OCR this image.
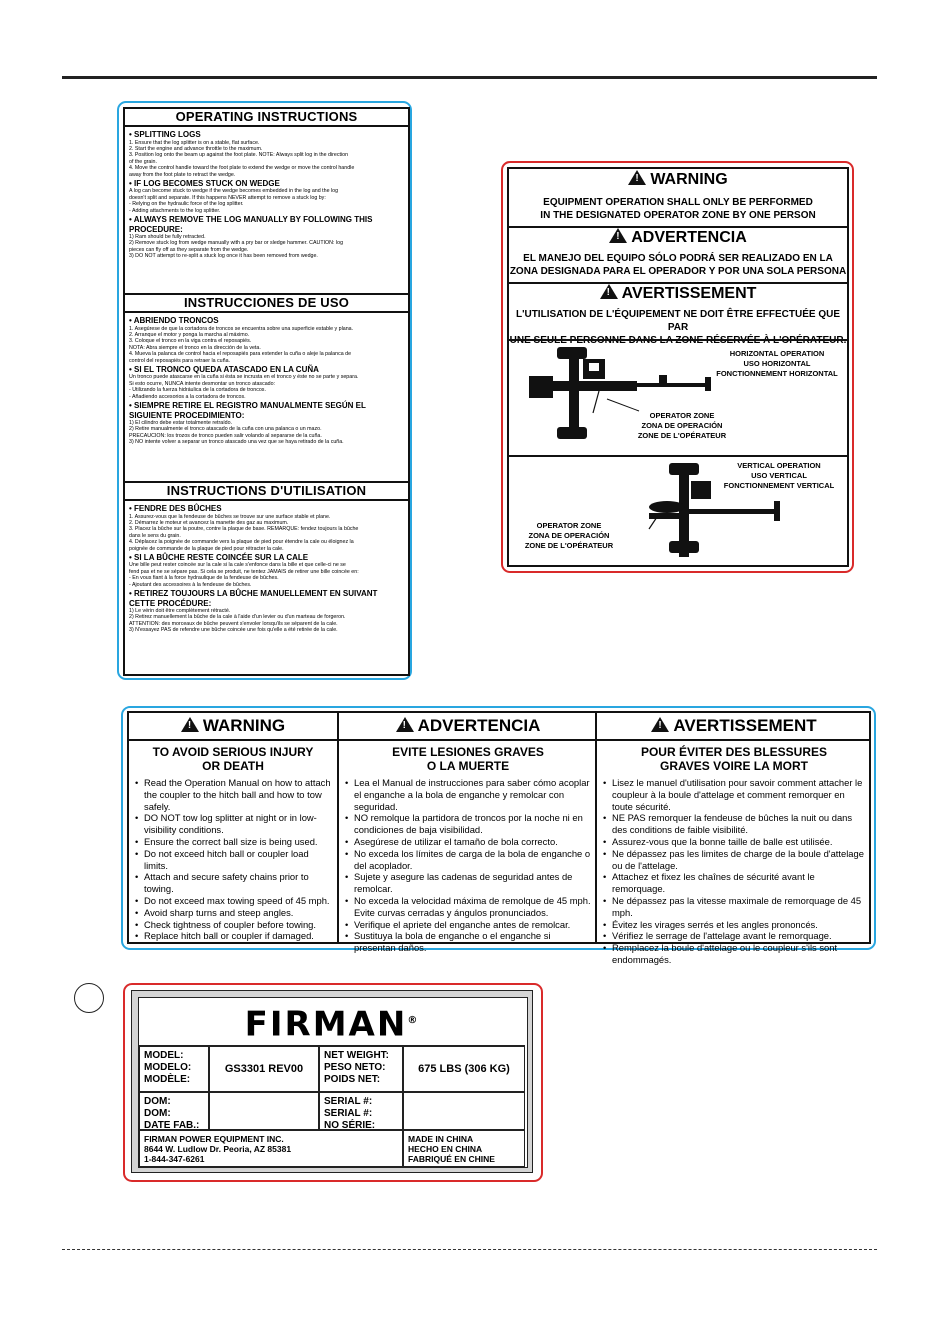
OPERATING INSTRUCTIONS
• SPLITTING LOGS
1. Ensure that the log splitter is on a stable, flat surface.
2. Start the engine and advance throttle to the maximum.
3. Position log onto the beam up against the foot plate. NOTE: Always split log in the direction
of the grain.
4. Move the control handle toward the foot plate to extend the wedge or move the control handle
away from the foot plate to retract the wedge.
• IF LOG BECOMES STUCK ON WEDGE
A log can become stuck to wedge if the wedge becomes embedded in the log and the log
doesn't split and separate. If this happens NEVER attempt to remove a stuck log by:
- Relying on the hydraulic force of the log splitter.
- Adding attachments to the log splitter.
• ALWAYS REMOVE THE LOG MANUALLY BY FOLLOWING THIS PROCEDURE:
1) Ram should be fully retracted.
2) Remove stuck log from wedge manually with a pry bar or sledge hammer. CAUTION: log
pieces can fly off as they separate from the wedge.
3) DO NOT attempt to re-split a stuck log once it has been removed from wedge.
INSTRUCCIONES DE USO
• ABRIENDO TRONCOS
1. Asegúrese de que la cortadora de troncos se encuentra sobre una superficie estable y plana.
2. Arranque el motor y ponga la marcha al máximo.
3. Coloque el tronco en la viga contra el reposapiés.
NOTA: Abra siempre el tronco en la dirección de la veta.
4. Mueva la palanca de control hacia el reposapiés para extender la cuña o aleje la palanca de
control del reposapiés para retraer la cuña.
• SI EL TRONCO QUEDA ATASCADO EN LA CUÑA
Un tronco puede atascarse en la cuña si ésta se incrusta en el tronco y éste no se parte y separa.
Si esto ocurre, NUNCA intente desmontar un tronco atascado:
- Utilizando la fuerza hidráulica de la cortadora de troncos.
- Añadiendo accesorios a la cortadora de troncos.
• SIEMPRE RETIRE EL REGISTRO MANUALMENTE SEGÚN EL SIGUIENTE PROCEDIMIENTO:
1) El cilindro debe estar totalmente retraído.
2) Retire manualmente el tronco atascado de la cuña con una palanca o un mazo.
PRECAUCIÓN: los trozos de tronco pueden salir volando al separarse de la cuña.
3) NO intente volver a separar un tronco atascado una vez que se haya retirado de la cuña.
INSTRUCTIONS D'UTILISATION
• FENDRE DES BÛCHES
1. Assurez-vous que la fendeuse de bûches se trouve sur une surface stable et plane.
2. Démarrez le moteur et avancez la manette des gaz au maximum.
3. Placez la bûche sur la poutre, contre la plaque de base. REMARQUE: fendez toujours la bûche
dans le sens du grain.
4. Déplacez la poignée de commande vers la plaque de pied pour étendre la cale ou éloignez la
poignée de commande de la plaque de pied pour rétracter la cale.
• SI LA BÛCHE RESTE COINCÉE SUR LA CALE
Une bille peut rester coincée sur la cale si la cale s'enfonce dans la bille et que celle-ci ne se
fend pas et ne se sépare pas. Si cela se produit, ne tentez JAMAIS de retirer une bille coincée en:
- En vous fiant à la force hydraulique de la fendeuse de bûches.
- Ajoutant des accessoires à la fendeuse de bûches.
• RETIREZ TOUJOURS LA BÛCHE MANUELLEMENT EN SUIVANT CETTE PROCÉDURE:
1) Le vérin doit être complètement rétracté.
2) Retirez manuellement la bûche de la cale à l'aide d'un levier ou d'un marteau de forgeron.
ATTENTION: des morceaux de bûche peuvent s'envoler lorsqu'ils se séparent de la cale.
3) N'essayez PAS de refendre une bûche coincée une fois qu'elle a été retirée de la cale.
!WARNING
EQUIPMENT OPERATION SHALL ONLY BE PERFORMED
IN THE DESIGNATED OPERATOR ZONE BY ONE PERSON
!ADVERTENCIA
EL MANEJO DEL EQUIPO SÓLO PODRÁ SER REALIZADO EN LA
ZONA DESIGNADA PARA EL OPERADOR Y POR UNA SOLA PERSONA
!AVERTISSEMENT
L'UTILISATION DE L'ÉQUIPEMENT NE DOIT ÊTRE EFFECTUÉE QUE PAR
UNE SEULE PERSONNE DANS LA ZONE RÉSERVÉE À L'OPÉRATEUR.
HORIZONTAL OPERATION
USO HORIZONTAL
FONCTIONNEMENT HORIZONTAL
OPERATOR ZONE
ZONA DE OPERACIÓN
ZONE DE L'OPÉRATEUR
VERTICAL OPERATION
USO VERTICAL
FONCTIONNEMENT VERTICAL
OPERATOR ZONE
ZONA DE OPERACIÓN
ZONE DE L'OPÉRATEUR
!WARNING
TO AVOID SERIOUS INJURY
OR DEATH
• Read the Operation Manual on how to attach the coupler to the hitch ball and how to tow safely.
• DO NOT tow log splitter at night or in low-visibility conditions.
• Ensure the correct ball size is being used.
• Do not exceed hitch ball or coupler load limits.
• Attach and secure safety chains prior to towing.
• Do not exceed max towing speed of 45 mph.
• Avoid sharp turns and steep angles.
• Check tightness of coupler before towing.
• Replace hitch ball or coupler if damaged.
!ADVERTENCIA
EVITE LESIONES GRAVES
O LA MUERTE
• Lea el Manual de instrucciones para saber cómo acoplar el enganche a la bola de enganche y remolcar con seguridad.
• NO remolque la partidora de troncos por la noche ni en condiciones de baja visibilidad.
• Asegúrese de utilizar el tamaño de bola correcto.
• No exceda los límites de carga de la bola de enganche o del acoplador.
• Sujete y asegure las cadenas de seguridad antes de remolcar.
• No exceda la velocidad máxima de remolque de 45 mph. Evite curvas cerradas y ángulos pronunciados.
• Verifique el apriete del enganche antes de remolcar.
• Sustituya la bola de enganche o el enganche si presentan daños.
!AVERTISSEMENT
POUR ÉVITER DES BLESSURES
GRAVES VOIRE LA MORT
• Lisez le manuel d'utilisation pour savoir comment attacher le coupleur à la boule d'attelage et comment remorquer en toute sécurité.
• NE PAS remorquer la fendeuse de bûches la nuit ou dans des conditions de faible visibilité.
• Assurez-vous que la bonne taille de balle est utilisée.
• Ne dépassez pas les limites de charge de la boule d'attelage ou de l'attelage.
• Attachez et fixez les chaînes de sécurité avant le remorquage.
• Ne dépassez pas la vitesse maximale de remorquage de 45 mph.
• Évitez les virages serrés et les angles prononcés.
• Vérifiez le serrage de l'attelage avant le remorquage.
• Remplacez la boule d'attelage ou le coupleur s'ils sont endommagés.
FIRMAN®
MODEL:
MODELO:
MODÈLE:
GS3301 REV00
NET WEIGHT:
PESO NETO:
POIDS NET:
675 LBS (306 KG)
DOM:
DOM:
DATE FAB.:
SERIAL #:
SERIAL #:
NO SÉRIE:
FIRMAN POWER EQUIPMENT INC.
8644 W. Ludlow Dr. Peoria, AZ 85381
1-844-347-6261
MADE IN CHINA
HECHO EN CHINA
FABRIQUÉ EN CHINE
